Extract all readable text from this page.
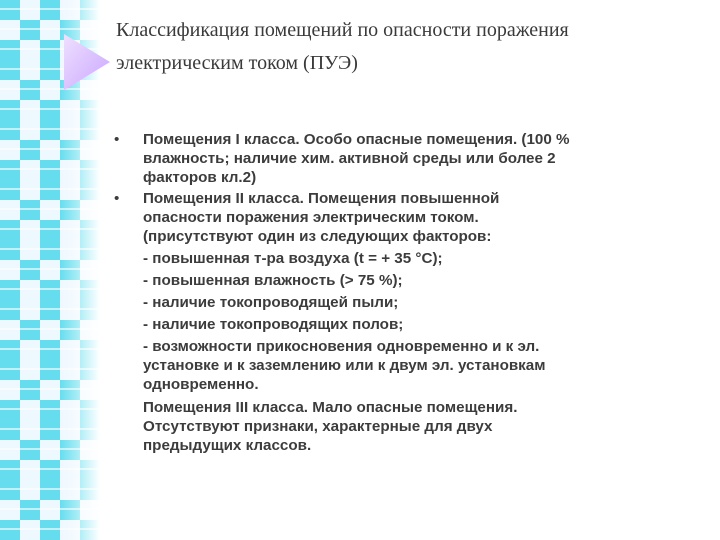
Классификация помещений по опасности поражения
электрическим током (ПУЭ)
• Помещения I класса. Особо опасные помещения. (100 %
влажность; наличие хим. активной среды или более 2
факторов кл.2)
• Помещения II класса. Помещения повышенной
опасности поражения электрическим током.
(присутствуют один из следующих факторов:
- повышенная т-ра воздуха (t = + 35 °С);
- повышенная влажность (> 75 %);
- наличие токопроводящей пыли;
- наличие токопроводящих полов;
- возможности прикосновения одновременно и к эл.
установке и к заземлению или к двум эл. установкам
одновременно.
Помещения III класса. Мало опасные помещения.
Отсутствуют признаки, характерные для двух
предыдущих классов.
